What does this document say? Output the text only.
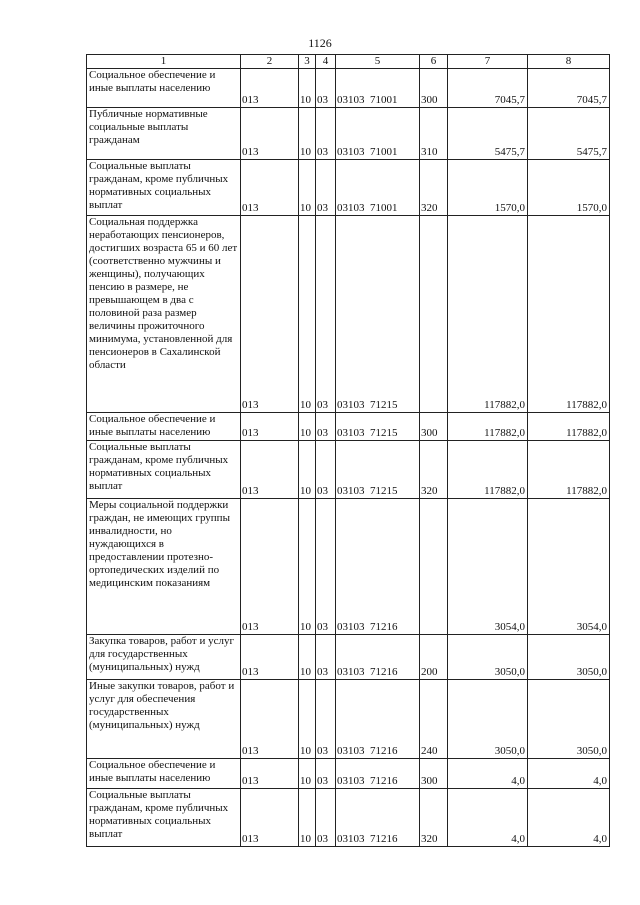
1126
1	2	3	4	5	6	7	8
Социальное обеспечение и иные выплаты населению	013	10	03	03103  71001	300	7045,7	7045,7
Публичные нормативные социальные выплаты гражданам	013	10	03	03103  71001	310	5475,7	5475,7
Социальные выплаты гражданам, кроме публичных нормативных социальных выплат	013	10	03	03103  71001	320	1570,0	1570,0
Социальная поддержка неработающих пенсионеров, достигших возраста 65 и 60 лет (соответственно мужчины и женщины), получающих пенсию в размере, не превышающем в два с половиной раза размер величины прожиточного минимума, установленной для пенсионеров в Сахалинской области	013	10	03	03103  71215		117882,0	117882,0
Социальное обеспечение и иные выплаты населению	013	10	03	03103  71215	300	117882,0	117882,0
Социальные выплаты гражданам, кроме публичных нормативных социальных выплат	013	10	03	03103  71215	320	117882,0	117882,0
Меры социальной поддержки граждан, не имеющих группы инвалидности, но нуждающихся в предоставлении протезно-ортопедических изделий по медицинским показаниям	013	10	03	03103  71216		3054,0	3054,0
Закупка товаров, работ и услуг для государственных (муниципальных) нужд	013	10	03	03103  71216	200	3050,0	3050,0
Иные закупки товаров, работ и услуг для обеспечения государственных (муниципальных) нужд	013	10	03	03103  71216	240	3050,0	3050,0
Социальное обеспечение и иные выплаты населению	013	10	03	03103  71216	300	4,0	4,0
Социальные выплаты гражданам, кроме публичных нормативных социальных выплат	013	10	03	03103  71216	320	4,0	4,0
